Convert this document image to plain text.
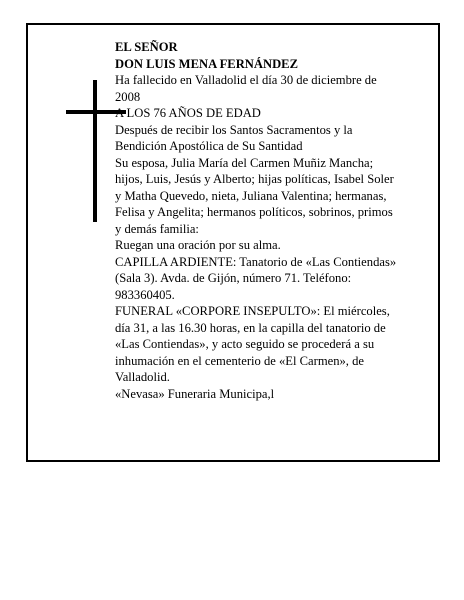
EL SEÑOR

DON LUIS MENA FERNÁNDEZ

Ha fallecido en Valladolid el día 30 de diciembre de
2008

A LOS 76 AÑOS DE EDAD

Después de recibir los Santos Sacramentos y la
Bendición Apostólica de Su Santidad

Su esposa, Julia María del Carmen Muñiz Mancha;
hijos, Luis, Jesús y Alberto; hijas políticas, Isabel Soler
y Matha Quevedo, nieta, Juliana Valentina; hermanas,
Felisa y Angelita; hermanos políticos, sobrinos, primos
y demás familia:

Ruegan una oración por su alma.

CAPILLA ARDIENTE: Tanatorio de «Las Contiendas»
(Sala 3). Avda. de Gijón, número 71. Teléfono:
983360405.

FUNERAL «CORPORE INSEPULTO»: El miércoles,
día 31, a las 16.30 horas, en la capilla del tanatorio de
«Las Contiendas», y acto seguido se procederá a su
inhumación en el cementerio de «El Carmen», de
Valladolid.

«Nevasa» Funeraria Municipa,l
